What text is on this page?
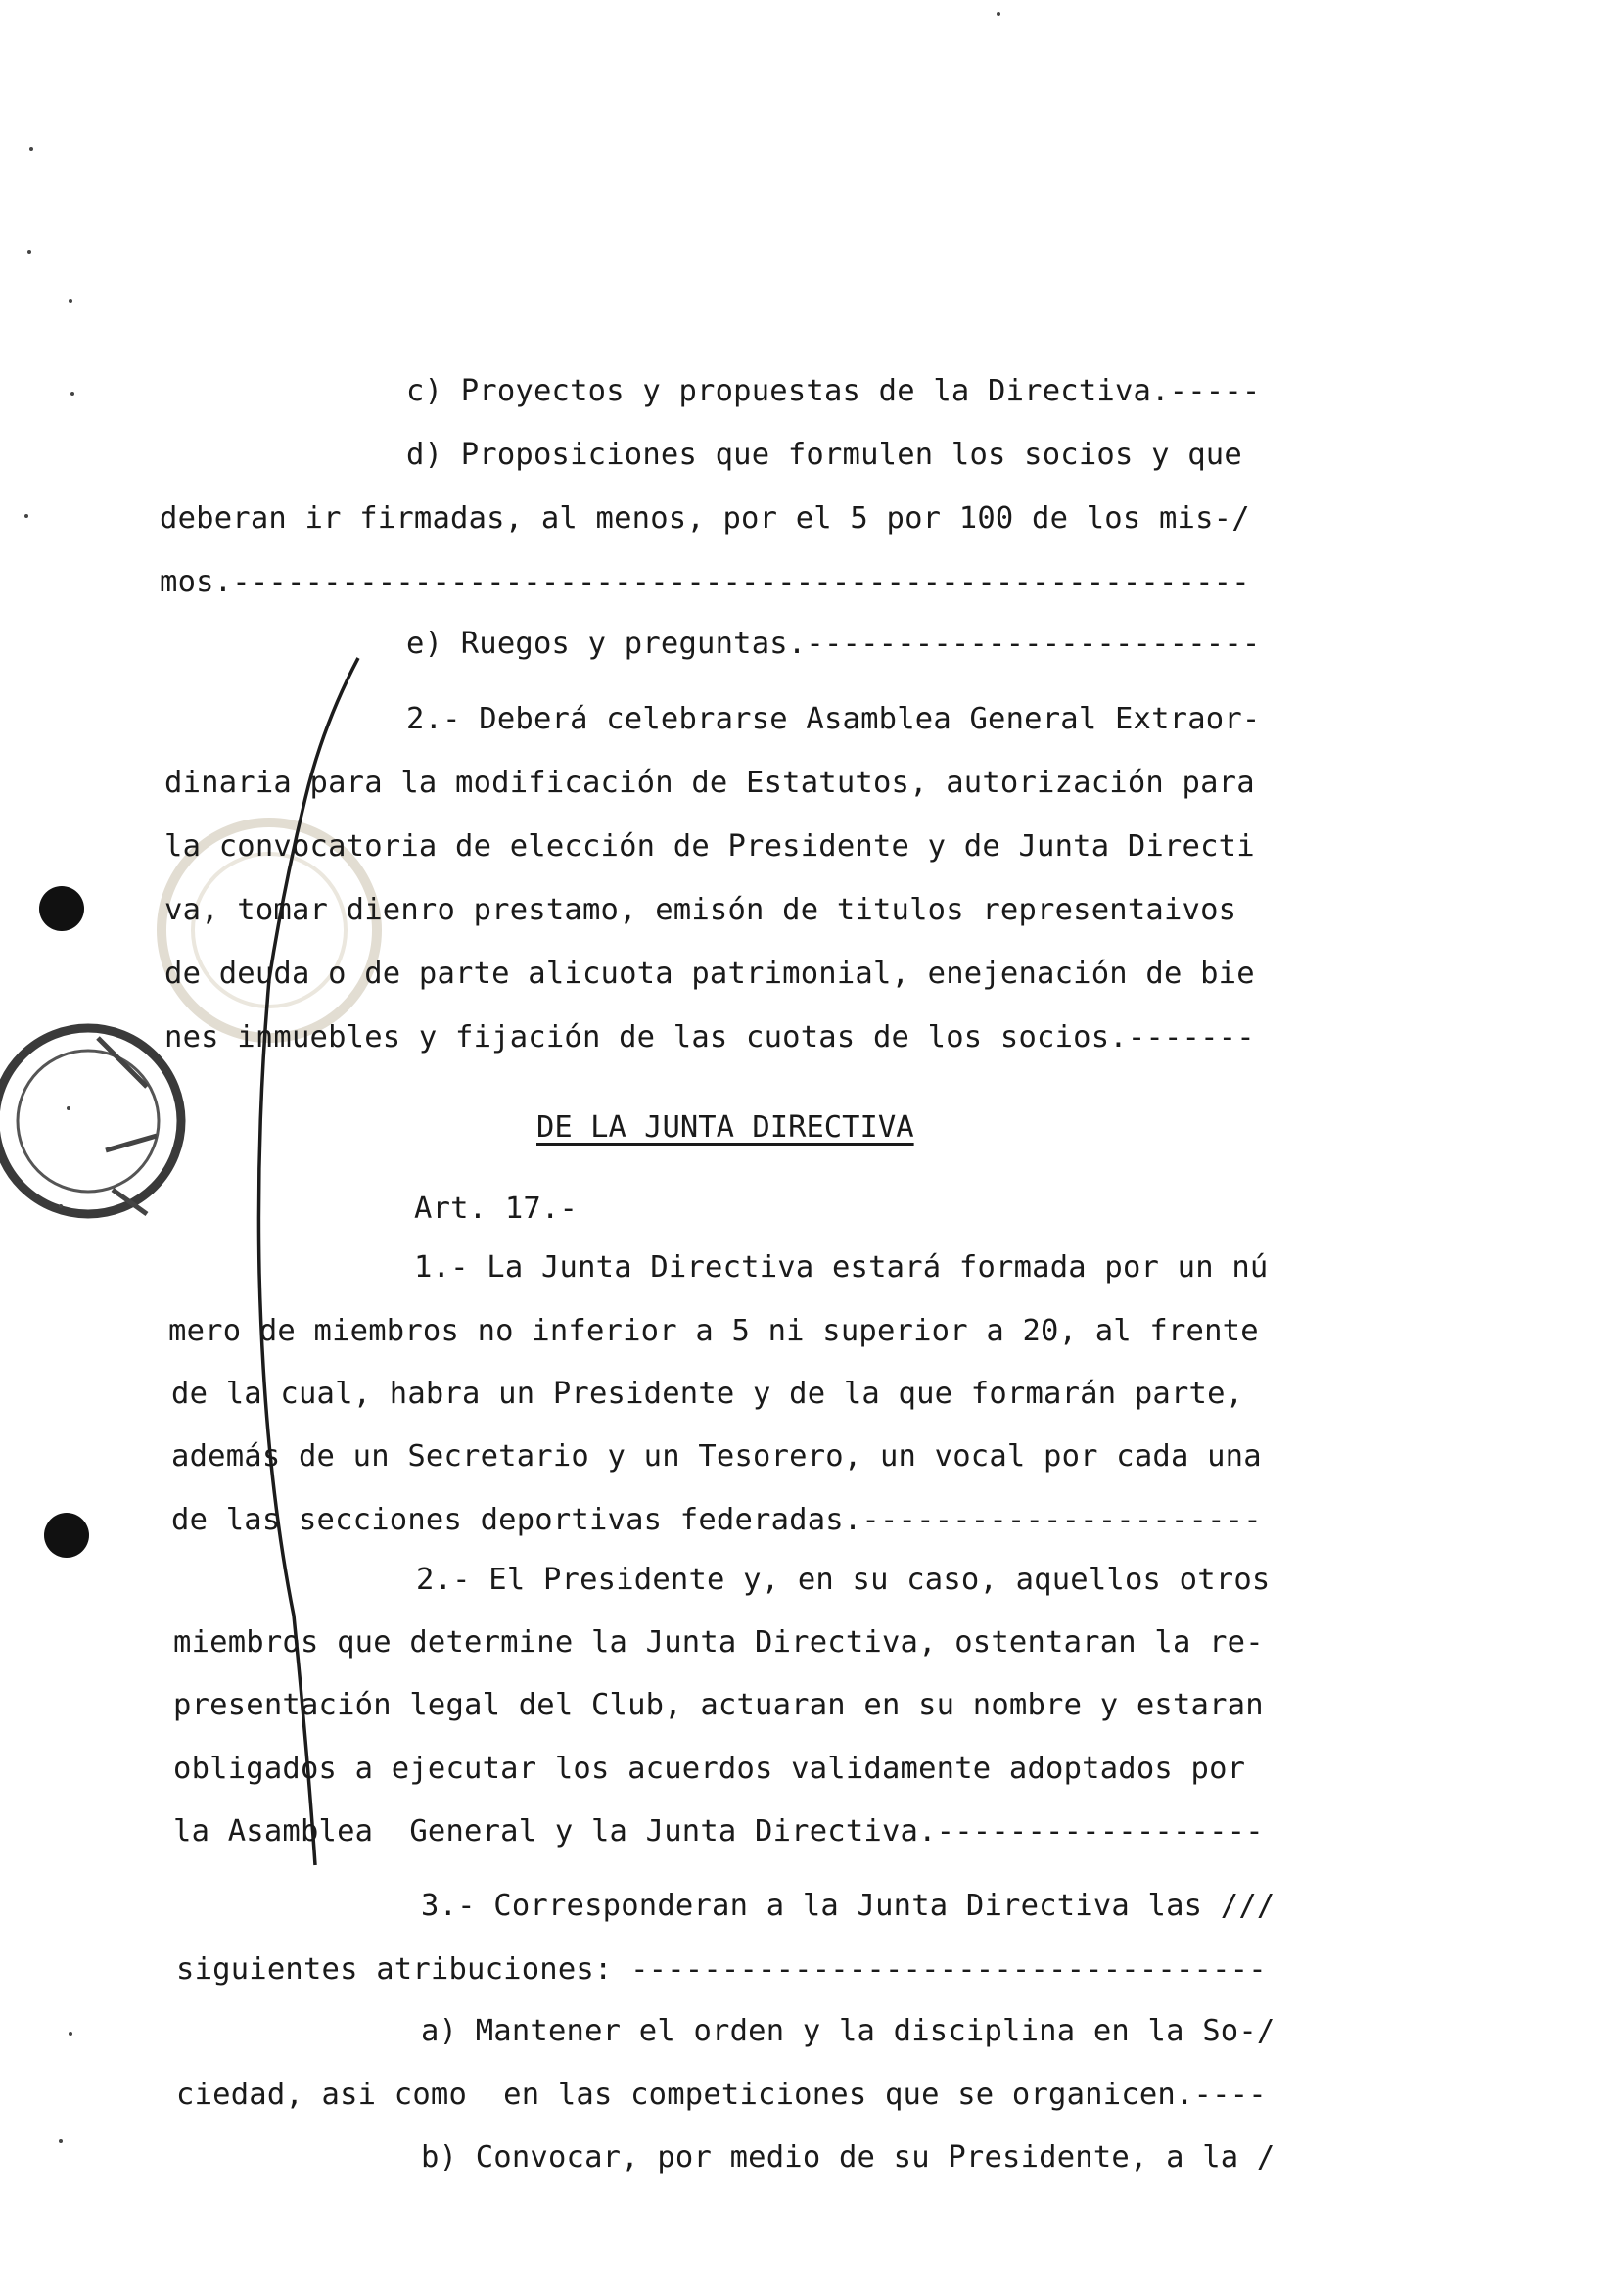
c) Proyectos y propuestas de la Directiva.-----
d) Proposiciones que formulen los socios y que
deberan ir firmadas, al menos, por el 5 por 100 de los mis-/
mos.--------------------------------------------------------
e) Ruegos y preguntas.-------------------------
2.- Deberá celebrarse Asamblea General Extraor-
dinaria para la modificación de Estatutos, autorización para
la convocatoria de elección de Presidente y de Junta Directi
va, tomar dienro prestamo, emisón de titulos representaivos
de deuda o de parte alicuota patrimonial, enejenación de bie
nes inmuebles y fijación de las cuotas de los socios.-------
DE LA JUNTA DIRECTIVA
Art. 17.-
1.- La Junta Directiva estará formada por un nú
mero de miembros no inferior a 5 ni superior a 20, al frente
de la cual, habra un Presidente y de la que formarán parte,
además de un Secretario y un Tesorero, un vocal por cada una
de las secciones deportivas federadas.----------------------
2.- El Presidente y, en su caso, aquellos otros
miembros que determine la Junta Directiva, ostentaran la re-
presentación legal del Club, actuaran en su nombre y estaran
obligados a ejecutar los acuerdos validamente adoptados por
la Asamblea  General y la Junta Directiva.------------------
3.- Corresponderan a la Junta Directiva las ///
siguientes atribuciones: -----------------------------------
a) Mantener el orden y la disciplina en la So-/
ciedad, asi como  en las competiciones que se organicen.----
b) Convocar, por medio de su Presidente, a la /
